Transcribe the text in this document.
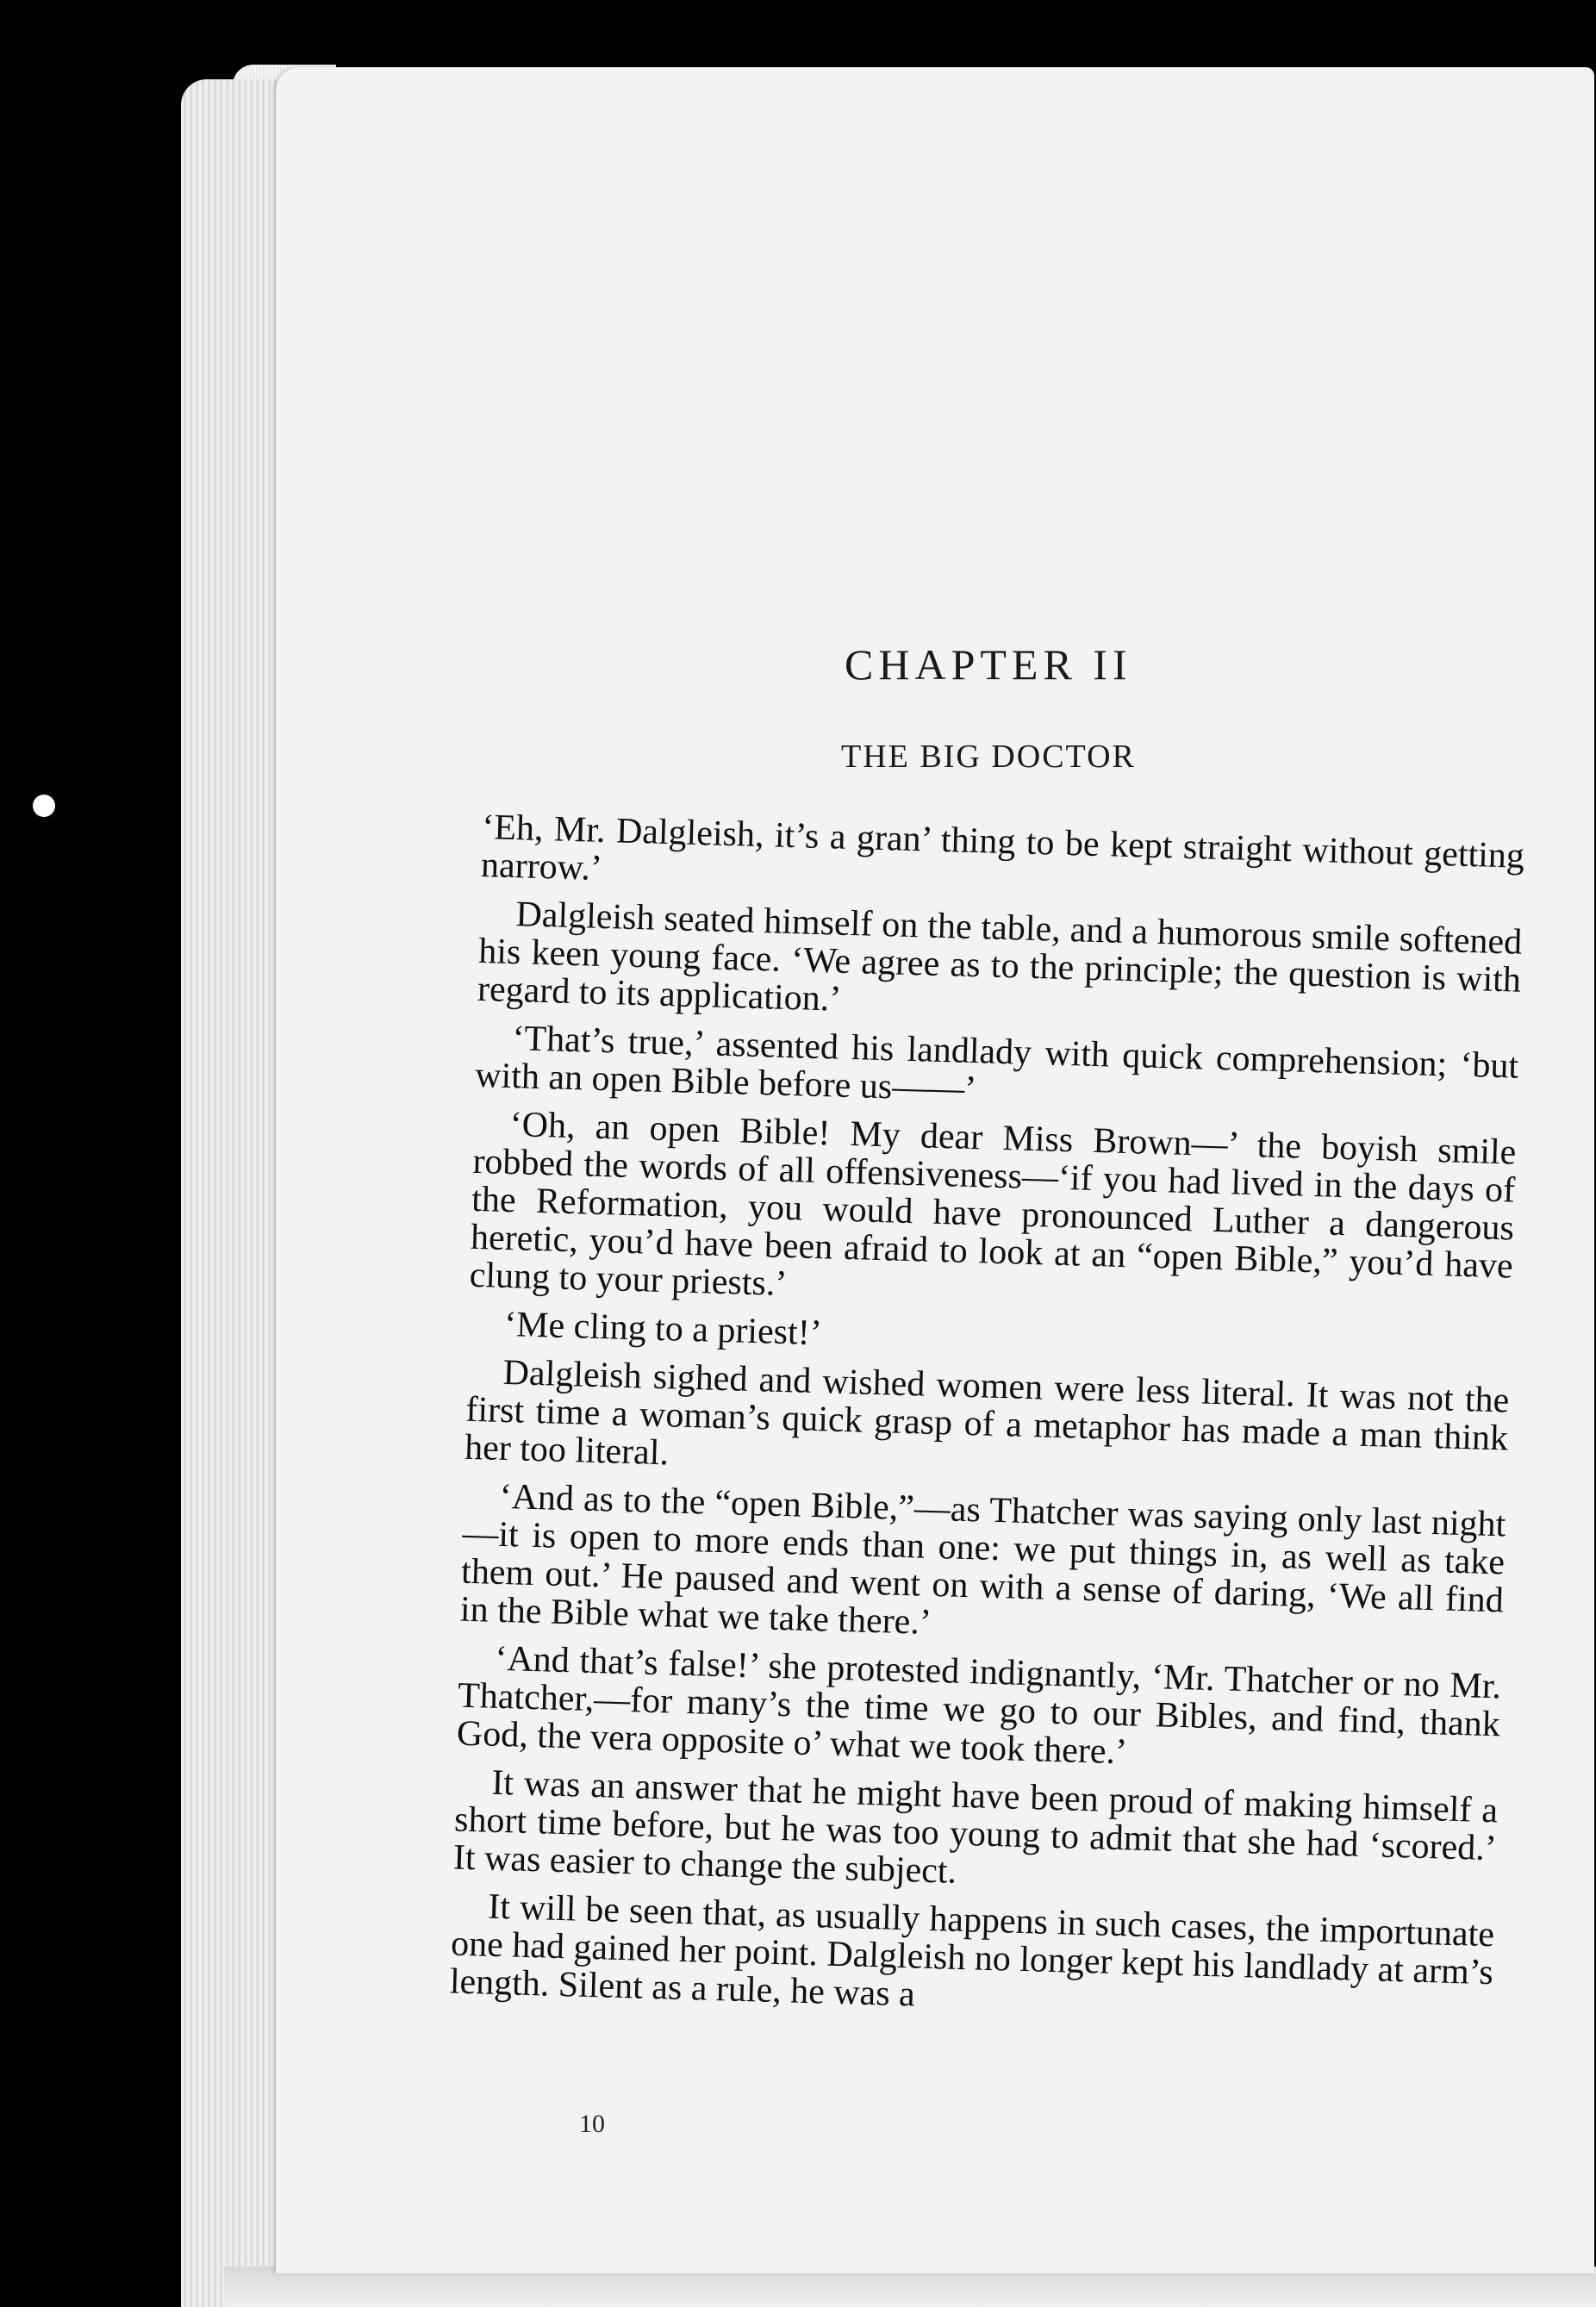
CHAPTER II
THE BIG DOCTOR

‘Eh, Mr. Dalgleish, it’s a gran’ thing to be kept straight without getting narrow.’

Dalgleish seated himself on the table, and a humorous smile softened his keen young face. ‘We agree as to the principle; the question is with regard to its application.’

‘That’s true,’ assented his landlady with quick comprehension; ‘but with an open Bible before us——’

‘Oh, an open Bible! My dear Miss Brown—’ the boyish smile robbed the words of all offensiveness—‘if you had lived in the days of the Reformation, you would have pronounced Luther a dangerous heretic, you’d have been afraid to look at an “open Bible,” you’d have clung to your priests.’

‘Me cling to a priest!’

Dalgleish sighed and wished women were less literal. It was not the first time a woman’s quick grasp of a metaphor has made a man think her too literal.

‘And as to the “open Bible,”—as Thatcher was saying only last night—it is open to more ends than one: we put things in, as well as take them out.’ He paused and went on with a sense of daring, ‘We all find in the Bible what we take there.’

‘And that’s false!’ she protested indignantly, ‘Mr. Thatcher or no Mr. Thatcher,—for many’s the time we go to our Bibles, and find, thank God, the vera opposite o’ what we took there.’

It was an answer that he might have been proud of making himself a short time before, but he was too young to admit that she had ‘scored.’ It was easier to change the subject.

It will be seen that, as usually happens in such cases, the importunate one had gained her point. Dalgleish no longer kept his landlady at arm’s length. Silent as a rule, he was a

10
